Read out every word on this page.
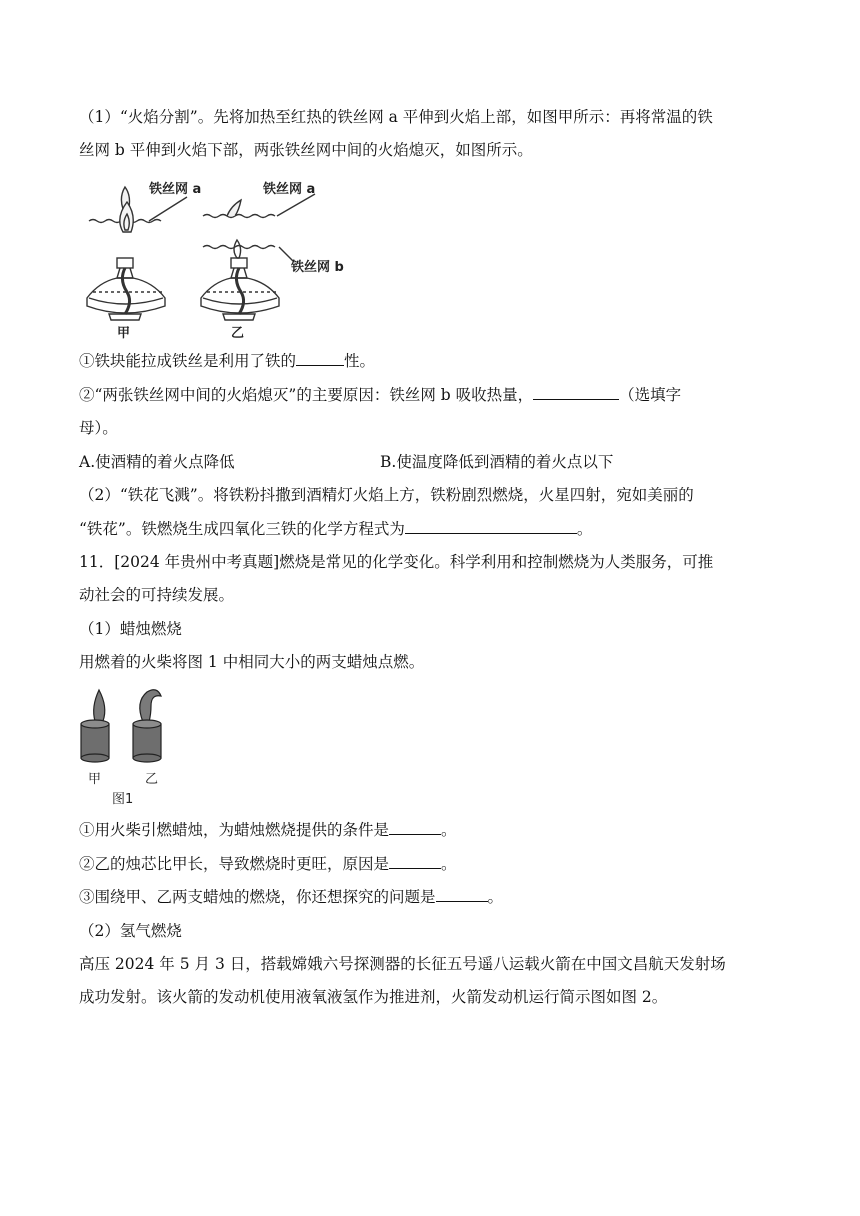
（1）“火焰分割”。先将加热至红热的铁丝网 a 平伸到火焰上部，如图甲所示：再将常温的铁
丝网 b 平伸到火焰下部，两张铁丝网中间的火焰熄灭，如图所示。
铁丝网 a	铁丝网 a
铁丝网 b
甲	乙
①铁块能拉成铁丝是利用了铁的	性。
②“两张铁丝网中间的火焰熄灭”的主要原因：铁丝网 b 吸收热量，	（选填字
母）。
A.使酒精的着火点降低	B.使温度降低到酒精的着火点以下
（2）“铁花飞溅”。将铁粉抖撒到酒精灯火焰上方，铁粉剧烈燃烧，火星四射，宛如美丽的
“铁花”。铁燃烧生成四氧化三铁的化学方程式为	。
11．[2024 年贵州中考真题]燃烧是常见的化学变化。科学利用和控制燃烧为人类服务，可推
动社会的可持续发展。
（1）蜡烛燃烧
用燃着的火柴将图 1 中相同大小的两支蜡烛点燃。
甲	乙
图1
①用火柴引燃蜡烛，为蜡烛燃烧提供的条件是	。
②乙的烛芯比甲长，导致燃烧时更旺，原因是	。
③围绕甲、乙两支蜡烛的燃烧，你还想探究的问题是	。
（2）氢气燃烧
高压 2024 年 5 月 3 日，搭载嫦娥六号探测器的长征五号遥八运载火箭在中国文昌航天发射场
成功发射。该火箭的发动机使用液氧液氢作为推进剂，火箭发动机运行简示图如图 2。
